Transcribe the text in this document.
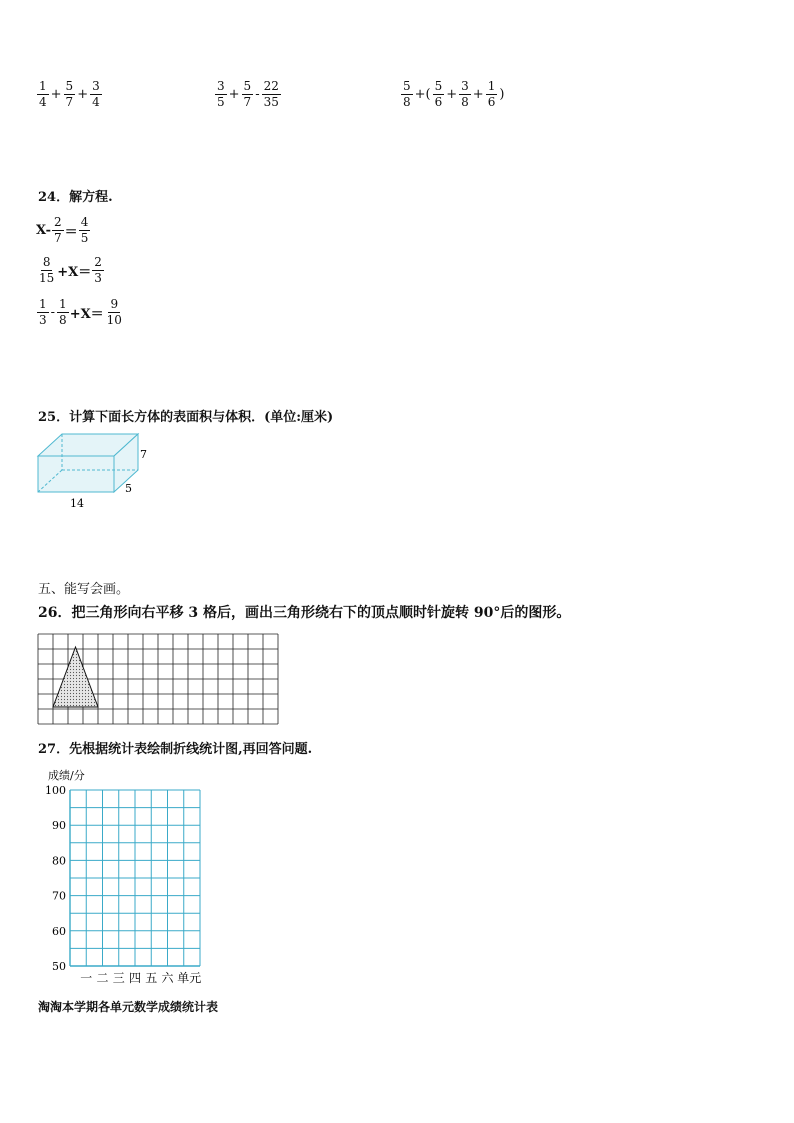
$\frac{1}{4} + \frac{5}{7} + \frac{3}{4}$	$\frac{3}{5} + \frac{5}{7} - \frac{22}{35}$	$\frac{5}{8}$ +( $\frac{5}{6} + \frac{3}{8} + \frac{1}{6}$ )
24．解方程.
$X- \frac{2}{7} = \frac{4}{5}$
$\frac{8}{15} +X= \frac{2}{3}$
$\frac{1}{3} - \frac{1}{8} +X= \frac{9}{10}$
25．计算下面长方体的表面积与体积．(单位:厘米)
7
5
14
五、能写会画。
26．把三角形向右平移 3 格后，画出三角形绕右下的顶点顺时针旋转 90°后的图形。
27．先根据统计表绘制折线统计图,再回答问题.
成绩/分
50
60
70
80
90
100
一 二 三 四 五 六 单元
淘淘本学期各单元数学成绩统计表
